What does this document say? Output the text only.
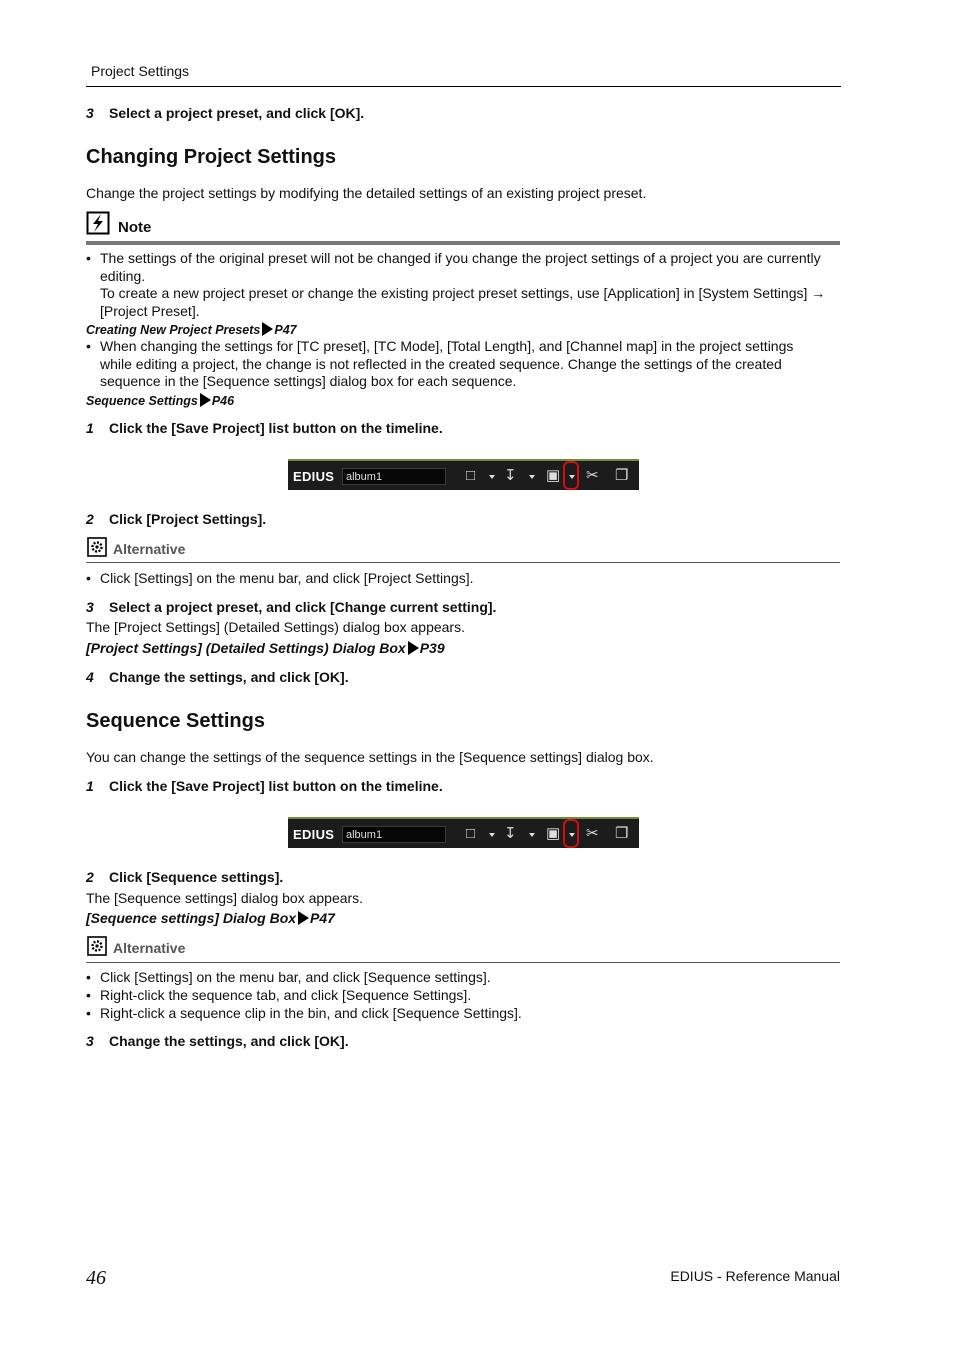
Project Settings
3 Select a project preset, and click [OK].
Changing Project Settings
Change the project settings by modifying the detailed settings of an existing project preset.
Note
• The settings of the original preset will not be changed if you change the project settings of a project you are currently
editing.
To create a new project preset or change the existing project preset settings, use [Application] in [System Settings] →
[Project Preset].
Creating New Project Presets P47
• When changing the settings for [TC preset], [TC Mode], [Total Length], and [Channel map] in the project settings
while editing a project, the change is not reflected in the created sequence. Change the settings of the created
sequence in the [Sequence settings] dialog box for each sequence.
Sequence Settings P46
1 Click the [Save Project] list button on the timeline.
EDIUS	album1	□ ↧ ▣ ✂ ❐
2 Click [Project Settings].
Alternative
• Click [Settings] on the menu bar, and click [Project Settings].
3 Select a project preset, and click [Change current setting].
The [Project Settings] (Detailed Settings) dialog box appears.
[Project Settings] (Detailed Settings) Dialog Box P39
4 Change the settings, and click [OK].
Sequence Settings
You can change the settings of the sequence settings in the [Sequence settings] dialog box.
1 Click the [Save Project] list button on the timeline.
EDIUS	album1	□ ↧ ▣ ✂ ❐
2 Click [Sequence settings].
The [Sequence settings] dialog box appears.
[Sequence settings] Dialog Box P47
Alternative
• Click [Settings] on the menu bar, and click [Sequence settings].
• Right-click the sequence tab, and click [Sequence Settings].
• Right-click a sequence clip in the bin, and click [Sequence Settings].
3 Change the settings, and click [OK].
46	EDIUS - Reference Manual
